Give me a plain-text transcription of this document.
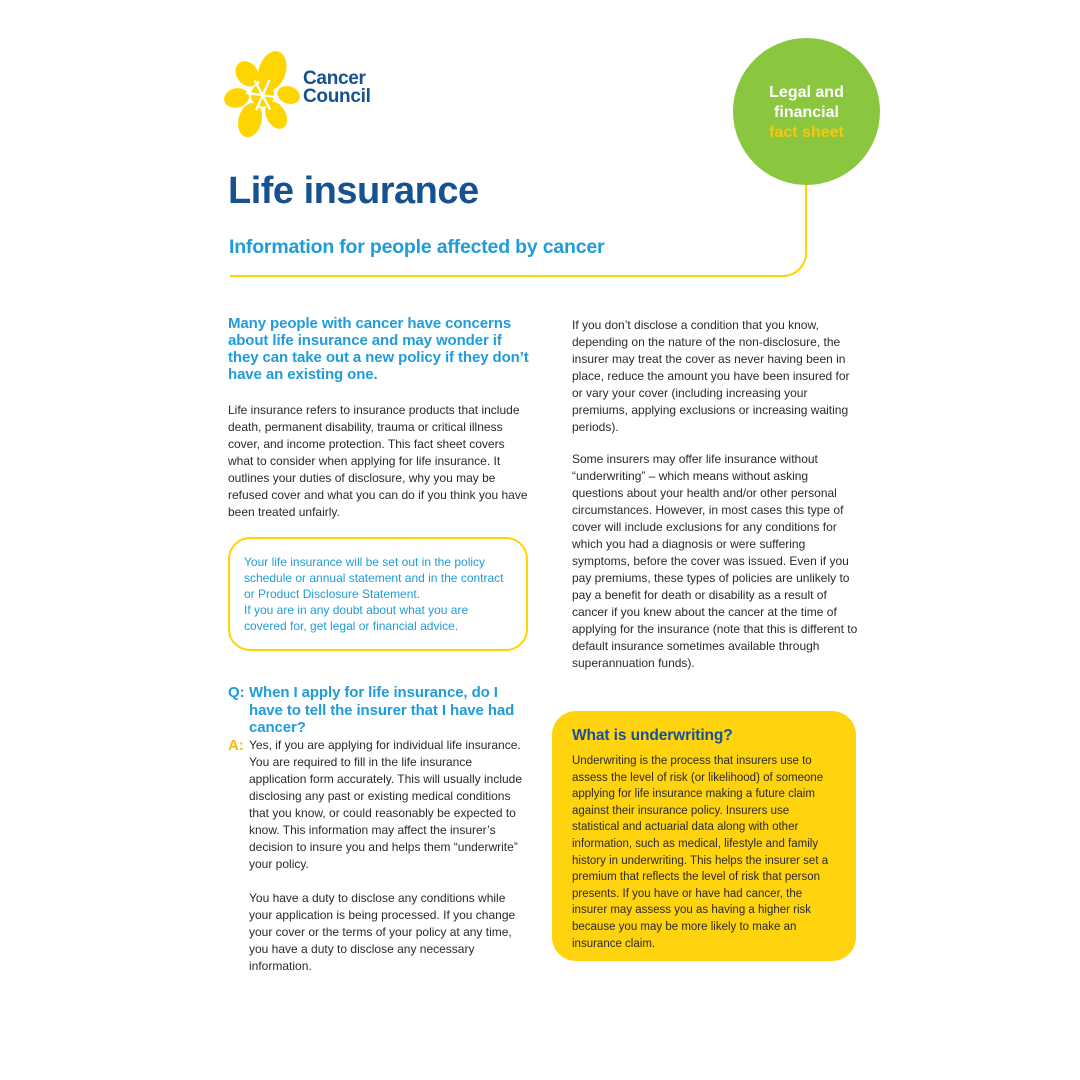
Cancer
Council	Legal and
financial
fact sheet
Life insurance
Information for people affected by cancer

Many people with cancer have concerns about life insurance and may wonder if they can take out a new policy if they don’t have an existing one.

Life insurance refers to insurance products that include death, permanent disability, trauma or critical illness cover, and income protection. This fact sheet covers what to consider when applying for life insurance. It outlines your duties of disclosure, why you may be refused cover and what you can do if you think you have been treated unfairly.

Your life insurance will be set out in the policy schedule or annual statement and in the contract or Product Disclosure Statement.

If you are in any doubt about what you are covered for, get legal or financial advice.

Q: When I apply for life insurance, do I have to tell the insurer that I have had cancer?

A: Yes, if you are applying for individual life insurance. You are required to fill in the life insurance application form accurately. This will usually include disclosing any past or existing medical conditions that you know, or could reasonably be expected to know. This information may affect the insurer’s decision to insure you and helps them “underwrite” your policy.

You have a duty to disclose any conditions while your application is being processed. If you change your cover or the terms of your policy at any time, you have a duty to disclose any necessary information.

If you don’t disclose a condition that you know, depending on the nature of the non-disclosure, the insurer may treat the cover as never having been in place, reduce the amount you have been insured for or vary your cover (including increasing your premiums, applying exclusions or increasing waiting periods).

Some insurers may offer life insurance without “underwriting” – which means without asking questions about your health and/or other personal circumstances. However, in most cases this type of cover will include exclusions for any conditions for which you had a diagnosis or were suffering symptoms, before the cover was issued. Even if you pay premiums, these types of policies are unlikely to pay a benefit for death or disability as a result of cancer if you knew about the cancer at the time of applying for the insurance (note that this is different to default insurance sometimes available through superannuation funds).

What is underwriting?

Underwriting is the process that insurers use to assess the level of risk (or likelihood) of someone applying for life insurance making a future claim against their insurance policy. Insurers use statistical and actuarial data along with other information, such as medical, lifestyle and family history in underwriting. This helps the insurer set a premium that reflects the level of risk that person presents. If you have or have had cancer, the insurer may assess you as having a higher risk because you may be more likely to make an insurance claim.
